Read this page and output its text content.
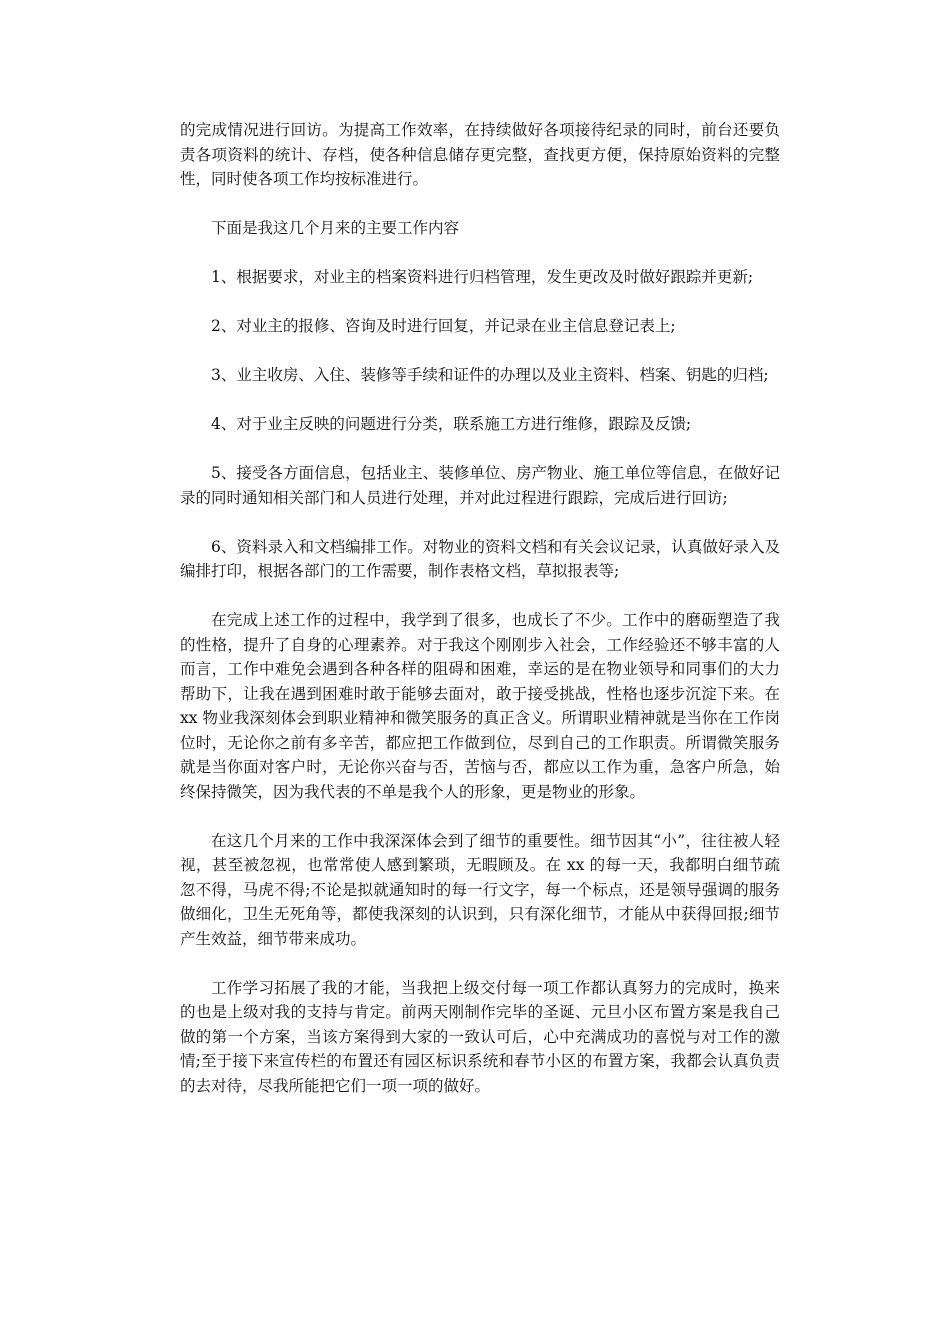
的完成情况进行回访。为提高工作效率，在持续做好各项接待纪录的同时，前台还要负责各项资料的统计、存档，使各种信息储存更完整，查找更方便，保持原始资料的完整性，同时使各项工作均按标准进行。

下面是我这几个月来的主要工作内容

1、根据要求，对业主的档案资料进行归档管理，发生更改及时做好跟踪并更新;

2、对业主的报修、咨询及时进行回复，并记录在业主信息登记表上;

3、业主收房、入住、装修等手续和证件的办理以及业主资料、档案、钥匙的归档;

4、对于业主反映的问题进行分类，联系施工方进行维修，跟踪及反馈;

5、接受各方面信息，包括业主、装修单位、房产物业、施工单位等信息，在做好记录的同时通知相关部门和人员进行处理，并对此过程进行跟踪，完成后进行回访;

6、资料录入和文档编排工作。对物业的资料文档和有关会议记录，认真做好录入及编排打印，根据各部门的工作需要，制作表格文档，草拟报表等;

在完成上述工作的过程中，我学到了很多，也成长了不少。工作中的磨砺塑造了我的性格，提升了自身的心理素养。对于我这个刚刚步入社会，工作经验还不够丰富的人而言，工作中难免会遇到各种各样的阻碍和困难，幸运的是在物业领导和同事们的大力帮助下，让我在遇到困难时敢于能够去面对，敢于接受挑战，性格也逐步沉淀下来。在 xx 物业我深刻体会到职业精神和微笑服务的真正含义。所谓职业精神就是当你在工作岗位时，无论你之前有多辛苦，都应把工作做到位，尽到自己的工作职责。所谓微笑服务就是当你面对客户时，无论你兴奋与否，苦恼与否，都应以工作为重，急客户所急，始终保持微笑，因为我代表的不单是我个人的形象，更是物业的形象。

在这几个月来的工作中我深深体会到了细节的重要性。细节因其“小”，往往被人轻视，甚至被忽视，也常常使人感到繁琐，无暇顾及。在 xx 的每一天，我都明白细节疏忽不得，马虎不得;不论是拟就通知时的每一行文字，每一个标点，还是领导强调的服务做细化，卫生无死角等，都使我深刻的认识到，只有深化细节，才能从中获得回报;细节产生效益，细节带来成功。

工作学习拓展了我的才能，当我把上级交付每一项工作都认真努力的完成时，换来的也是上级对我的支持与肯定。前两天刚制作完毕的圣诞、元旦小区布置方案是我自己做的第一个方案，当该方案得到大家的一致认可后，心中充满成功的喜悦与对工作的激情;至于接下来宣传栏的布置还有园区标识系统和春节小区的布置方案，我都会认真负责的去对待，尽我所能把它们一项一项的做好。
